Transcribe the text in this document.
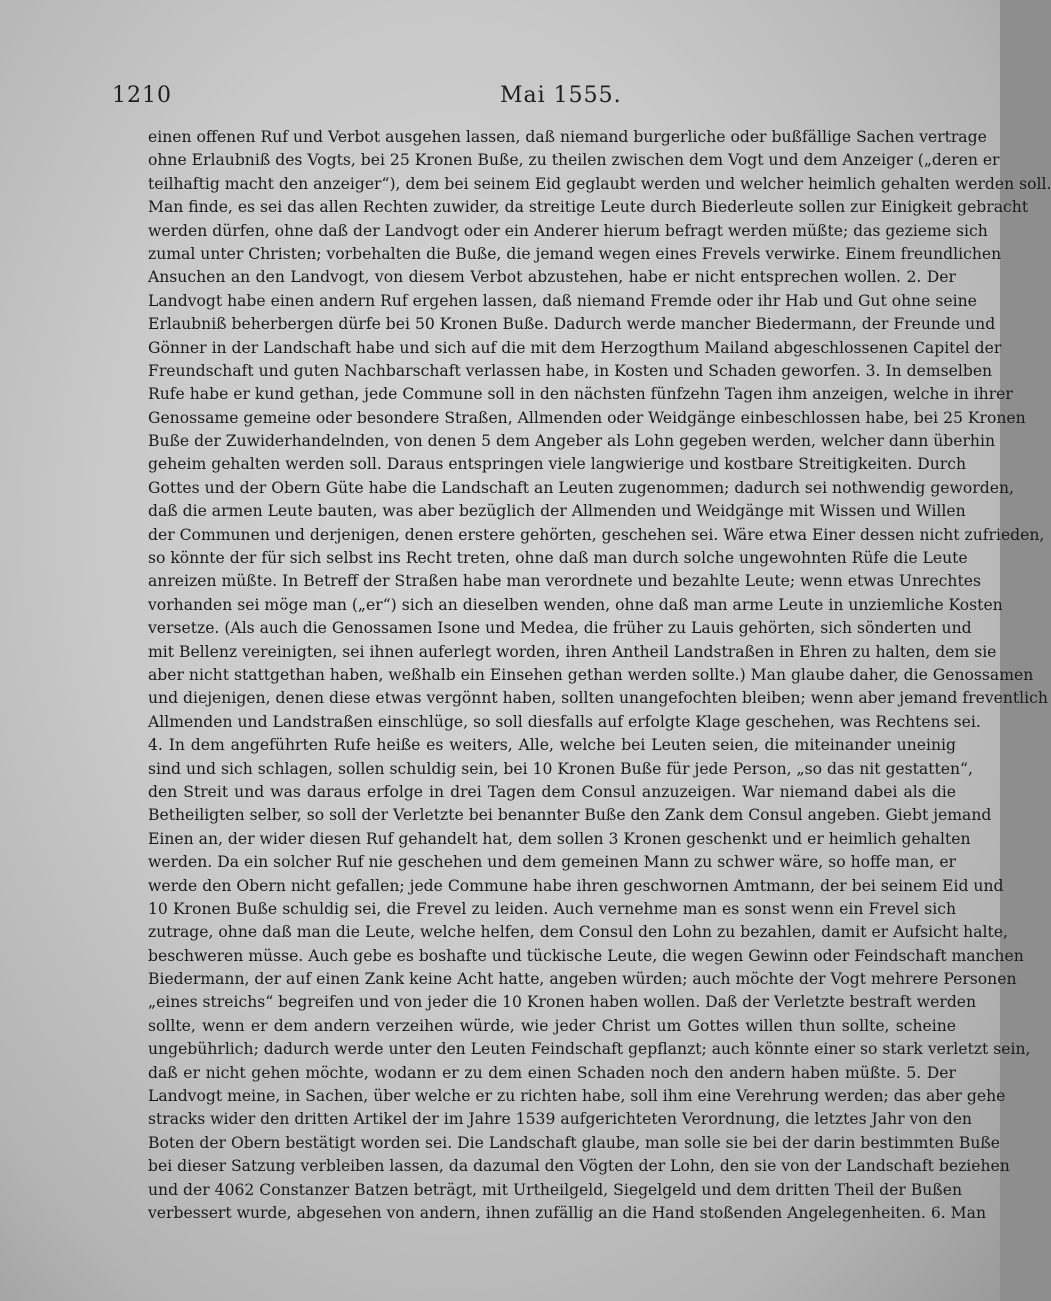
1210	Mai 1555.
einen offenen Ruf und Verbot ausgehen lassen, daß niemand burgerliche oder bußfällige Sachen vertrage
ohne Erlaubniß des Vogts, bei 25 Kronen Buße, zu theilen zwischen dem Vogt und dem Anzeiger („deren er
teilhaftig macht den anzeiger“), dem bei seinem Eid geglaubt werden und welcher heimlich gehalten werden soll.
Man finde, es sei das allen Rechten zuwider, da streitige Leute durch Biederleute sollen zur Einigkeit gebracht
werden dürfen, ohne daß der Landvogt oder ein Anderer hierum befragt werden müßte; das gezieme sich
zumal unter Christen; vorbehalten die Buße, die jemand wegen eines Frevels verwirke. Einem freundlichen
Ansuchen an den Landvogt, von diesem Verbot abzustehen, habe er nicht entsprechen wollen. 2. Der
Landvogt habe einen andern Ruf ergehen lassen, daß niemand Fremde oder ihr Hab und Gut ohne seine
Erlaubniß beherbergen dürfe bei 50 Kronen Buße. Dadurch werde mancher Biedermann, der Freunde und
Gönner in der Landschaft habe und sich auf die mit dem Herzogthum Mailand abgeschlossenen Capitel der
Freundschaft und guten Nachbarschaft verlassen habe, in Kosten und Schaden geworfen. 3. In demselben
Rufe habe er kund gethan, jede Commune soll in den nächsten fünfzehn Tagen ihm anzeigen, welche in ihrer
Genossame gemeine oder besondere Straßen, Allmenden oder Weidgänge einbeschlossen habe, bei 25 Kronen
Buße der Zuwiderhandelnden, von denen 5 dem Angeber als Lohn gegeben werden, welcher dann überhin
geheim gehalten werden soll. Daraus entspringen viele langwierige und kostbare Streitigkeiten. Durch
Gottes und der Obern Güte habe die Landschaft an Leuten zugenommen; dadurch sei nothwendig geworden,
daß die armen Leute bauten, was aber bezüglich der Allmenden und Weidgänge mit Wissen und Willen
der Communen und derjenigen, denen erstere gehörten, geschehen sei. Wäre etwa Einer dessen nicht zufrieden,
so könnte der für sich selbst ins Recht treten, ohne daß man durch solche ungewohnten Rüfe die Leute
anreizen müßte. In Betreff der Straßen habe man verordnete und bezahlte Leute; wenn etwas Unrechtes
vorhanden sei möge man („er“) sich an dieselben wenden, ohne daß man arme Leute in unziemliche Kosten
versetze. (Als auch die Genossamen Isone und Medea, die früher zu Lauis gehörten, sich sönderten und
mit Bellenz vereinigten, sei ihnen auferlegt worden, ihren Antheil Landstraßen in Ehren zu halten, dem sie
aber nicht stattgethan haben, weßhalb ein Einsehen gethan werden sollte.) Man glaube daher, die Genossamen
und diejenigen, denen diese etwas vergönnt haben, sollten unangefochten bleiben; wenn aber jemand freventlich
Allmenden und Landstraßen einschlüge, so soll diesfalls auf erfolgte Klage geschehen, was Rechtens sei.
4. In dem angeführten Rufe heiße es weiters, Alle, welche bei Leuten seien, die miteinander uneinig
sind und sich schlagen, sollen schuldig sein, bei 10 Kronen Buße für jede Person, „so das nit gestatten“,
den Streit und was daraus erfolge in drei Tagen dem Consul anzuzeigen. War niemand dabei als die
Betheiligten selber, so soll der Verletzte bei benannter Buße den Zank dem Consul angeben. Giebt jemand
Einen an, der wider diesen Ruf gehandelt hat, dem sollen 3 Kronen geschenkt und er heimlich gehalten
werden. Da ein solcher Ruf nie geschehen und dem gemeinen Mann zu schwer wäre, so hoffe man, er
werde den Obern nicht gefallen; jede Commune habe ihren geschwornen Amtmann, der bei seinem Eid und
10 Kronen Buße schuldig sei, die Frevel zu leiden. Auch vernehme man es sonst wenn ein Frevel sich
zutrage, ohne daß man die Leute, welche helfen, dem Consul den Lohn zu bezahlen, damit er Aufsicht halte,
beschweren müsse. Auch gebe es boshafte und tückische Leute, die wegen Gewinn oder Feindschaft manchen
Biedermann, der auf einen Zank keine Acht hatte, angeben würden; auch möchte der Vogt mehrere Personen
„eines streichs“ begreifen und von jeder die 10 Kronen haben wollen. Daß der Verletzte bestraft werden
sollte, wenn er dem andern verzeihen würde, wie jeder Christ um Gottes willen thun sollte, scheine
ungebührlich; dadurch werde unter den Leuten Feindschaft gepflanzt; auch könnte einer so stark verletzt sein,
daß er nicht gehen möchte, wodann er zu dem einen Schaden noch den andern haben müßte. 5. Der
Landvogt meine, in Sachen, über welche er zu richten habe, soll ihm eine Verehrung werden; das aber gehe
stracks wider den dritten Artikel der im Jahre 1539 aufgerichteten Verordnung, die letztes Jahr von den
Boten der Obern bestätigt worden sei. Die Landschaft glaube, man solle sie bei der darin bestimmten Buße
bei dieser Satzung verbleiben lassen, da dazumal den Vögten der Lohn, den sie von der Landschaft beziehen
und der 4062 Constanzer Batzen beträgt, mit Urtheilgeld, Siegelgeld und dem dritten Theil der Bußen
verbessert wurde, abgesehen von andern, ihnen zufällig an die Hand stoßenden Angelegenheiten. 6. Man
